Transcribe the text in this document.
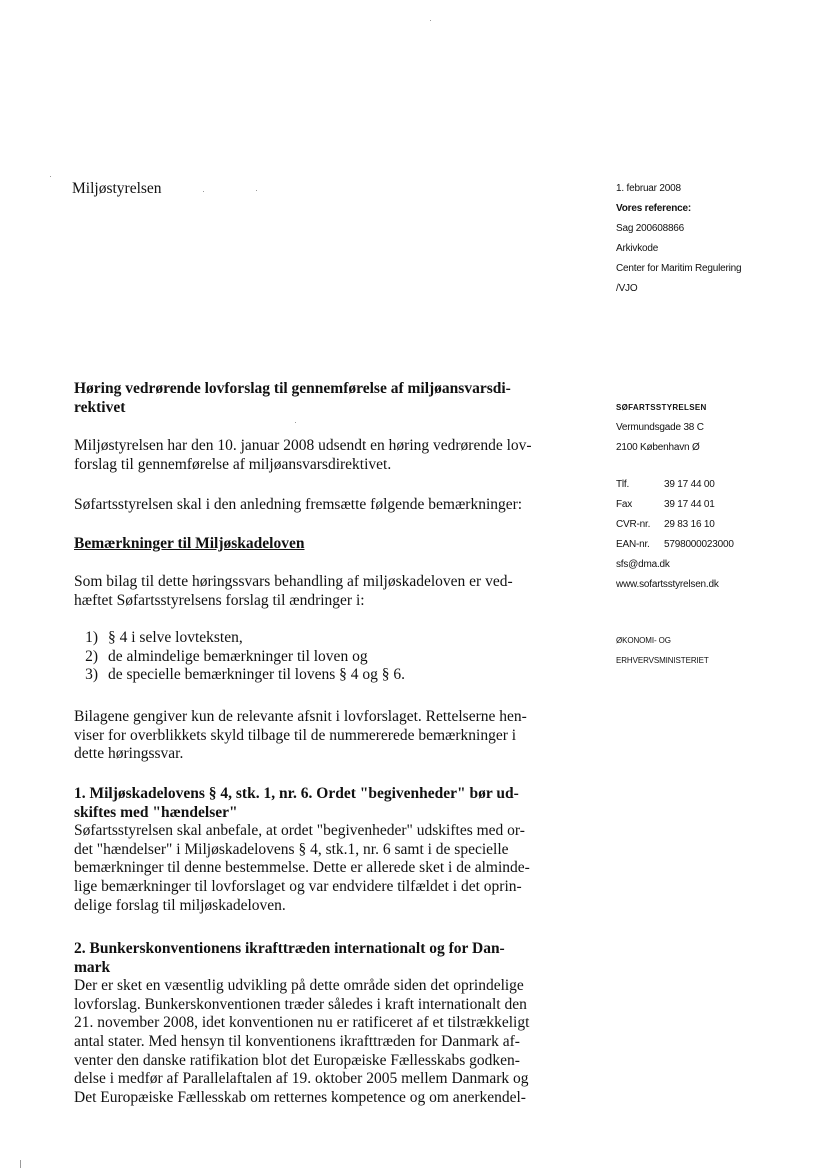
Miljøstyrelsen	1. februar 2008
Vores reference:
Sag 200608866
Arkivkode
Center for Maritim Regulering
/VJO
SØFARTSSTYRELSEN
Vermundsgade 38 C
2100 København Ø
Tlf.	39 17 44 00
Fax	39 17 44 01
CVR-nr.	29 83 16 10
EAN-nr.	5798000023000
sfs@dma.dk
www.sofartsstyrelsen.dk
ØKONOMI- OG
ERHVERVSMINISTERIET
Høring vedrørende lovforslag til gennemførelse af miljøansvarsdi-
rektivet
Miljøstyrelsen har den 10. januar 2008 udsendt en høring vedrørende lov-
forslag til gennemførelse af miljøansvarsdirektivet.
Søfartsstyrelsen skal i den anledning fremsætte følgende bemærkninger:
Bemærkninger til Miljøskadeloven
Som bilag til dette høringssvars behandling af miljøskadeloven er ved-
hæftet Søfartsstyrelsens forslag til ændringer i:
1) § 4 i selve lovteksten,
2) de almindelige bemærkninger til loven og
3) de specielle bemærkninger til lovens § 4 og § 6.
Bilagene gengiver kun de relevante afsnit i lovforslaget. Rettelserne hen-
viser for overblikkets skyld tilbage til de nummererede bemærkninger i
dette høringssvar.
1. Miljøskadelovens § 4, stk. 1, nr. 6. Ordet "begivenheder" bør ud-
skiftes med "hændelser"
Søfartsstyrelsen skal anbefale, at ordet "begivenheder" udskiftes med or-
det "hændelser" i Miljøskadelovens § 4, stk.1, nr. 6 samt i de specielle
bemærkninger til denne bestemmelse. Dette er allerede sket i de alminde-
lige bemærkninger til lovforslaget og var endvidere tilfældet i det oprin-
delige forslag til miljøskadeloven.
2. Bunkerskonventionens ikrafttræden internationalt og for Dan-
mark
Der er sket en væsentlig udvikling på dette område siden det oprindelige
lovforslag. Bunkerskonventionen træder således i kraft internationalt den
21. november 2008, idet konventionen nu er ratificeret af et tilstrækkeligt
antal stater. Med hensyn til konventionens ikrafttræden for Danmark af-
venter den danske ratifikation blot det Europæiske Fællesskabs godken-
delse i medfør af Parallelaftalen af 19. oktober 2005 mellem Danmark og
Det Europæiske Fællesskab om retternes kompetence og om anerkendel-
